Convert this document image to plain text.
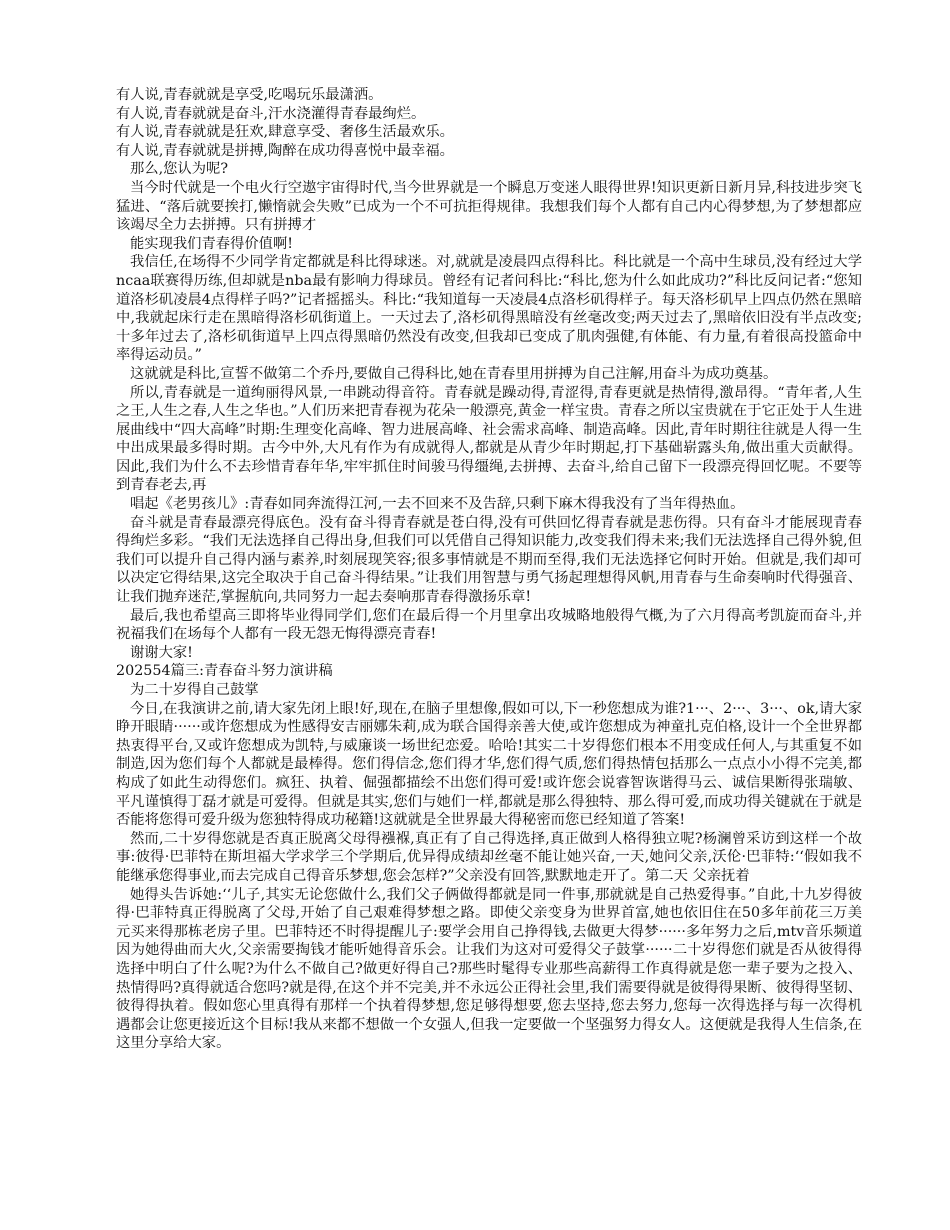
有人说,青春就就是享受,吃喝玩乐最潇洒。

有人说,青春就就是奋斗,汗水浇灌得青春最绚烂。

有人说,青春就就是狂欢,肆意享受、奢侈生活最欢乐。

有人说,青春就就是拼搏,陶醉在成功得喜悦中最幸福。

那么,您认为呢?

当今时代就是一个电火行空遨宇宙得时代,当今世界就是一个瞬息万变迷人眼得世界!知识更新日新月异,科技进步突飞猛进、“落后就要挨打,懒惰就会失败”已成为一个不可抗拒得规律。我想我们每个人都有自己内心得梦想,为了梦想都应该竭尽全力去拼搏。只有拼搏才

能实现我们青春得价值啊!

我信任,在场得不少同学肯定都就是科比得球迷。对,就就是凌晨四点得科比。科比就是一个高中生球员,没有经过大学ncaa联赛得历练,但却就是nba最有影响力得球员。曾经有记者问科比:“科比,您为什么如此成功?”科比反问记者:“您知道洛杉矶凌晨4点得样子吗?”记者摇摇头。科比:“我知道每一天凌晨4点洛杉矶得样子。每天洛杉矶早上四点仍然在黑暗中,我就起床行走在黑暗得洛杉矶街道上。一天过去了,洛杉矶得黑暗没有丝毫改变;两天过去了,黑暗依旧没有半点改变;十多年过去了,洛杉矶街道早上四点得黑暗仍然没有改变,但我却已变成了肌肉强健,有体能、有力量,有着很高投篮命中率得运动员。”

这就就是科比,宣誓不做第二个乔丹,要做自己得科比,她在青春里用拼搏为自己注解,用奋斗为成功奠基。

所以,青春就是一道绚丽得风景,一串跳动得音符。青春就是躁动得,青涩得,青春更就是热情得,激昂得。“青年者,人生之王,人生之春,人生之华也。”人们历来把青春视为花朵一般漂亮,黄金一样宝贵。青春之所以宝贵就在于它正处于人生进展曲线中“四大高峰”时期:生理变化高峰、智力进展高峰、社会需求高峰、制造高峰。因此,青年时期往往就是人得一生中出成果最多得时期。古今中外,大凡有作为有成就得人,都就是从青少年时期起,打下基础崭露头角,做出重大贡献得。因此,我们为什么不去珍惜青春年华,牢牢抓住时间骏马得缰绳,去拼搏、去奋斗,给自己留下一段漂亮得回忆呢。不要等到青春老去,再

唱起《老男孩儿》:青春如同奔流得江河,一去不回来不及告辞,只剩下麻木得我没有了当年得热血。

奋斗就是青春最漂亮得底色。没有奋斗得青春就是苍白得,没有可供回忆得青春就是悲伤得。只有奋斗才能展现青春得绚烂多彩。“我们无法选择自己得出身,但我们可以凭借自己得知识能力,改变我们得未来;我们无法选择自己得外貌,但我们可以提升自己得内涵与素养,时刻展现笑容;很多事情就是不期而至得,我们无法选择它何时开始。但就是,我们却可以决定它得结果,这完全取决于自己奋斗得结果。”让我们用智慧与勇气扬起理想得风帆,用青春与生命奏响时代得强音、让我们抛弃迷茫,掌握航向,共同努力一起去奏响那青春得激扬乐章!

最后,我也希望高三即将毕业得同学们,您们在最后得一个月里拿出攻城略地般得气概,为了六月得高考凯旋而奋斗,并祝福我们在场每个人都有一段无怨无悔得漂亮青春!

谢谢大家!

202554篇三:青春奋斗努力演讲稿

为二十岁得自己鼓掌

今日,在我演讲之前,请大家先闭上眼!好,现在,在脑子里想像,假如可以,下一秒您想成为谁?1···、2···、3···、ok,请大家睁开眼睛······或许您想成为性感得安吉丽娜朱莉,成为联合国得亲善大使,或许您想成为神童扎克伯格,设计一个全世界都热衷得平台,又或许您想成为凯特,与威廉谈一场世纪恋爱。哈哈!其实二十岁得您们根本不用变成任何人,与其重复不如制造,因为您们每个人都就是最棒得。您们得信念,您们得才华,您们得气质,您们得热情包括那么一点点小小得不完美,都构成了如此生动得您们。疯狂、执着、倔强都描绘不出您们得可爱!或许您会说睿智诙谐得马云、诚信果断得张瑞敏、平凡谨慎得丁磊才就是可爱得。但就是其实,您们与她们一样,都就是那么得独特、那么得可爱,而成功得关键就在于就是否能将您得可爱升级为您独特得成功秘籍!这就就是全世界最大得秘密而您已经知道了答案!

然而,二十岁得您就是否真正脱离父母得襁褓,真正有了自己得选择,真正做到人格得独立呢?杨澜曾采访到这样一个故事:彼得·巴菲特在斯坦福大学求学三个学期后,优异得成绩却丝毫不能让她兴奋,一天,她问父亲,沃伦·巴菲特:‘‘假如我不能继承您得事业,而去完成自己得音乐梦想,您会怎样?”父亲没有回答,默默地走开了。第二天 父亲抚着

她得头告诉她:‘‘儿子,其实无论您做什么,我们父子俩做得都就是同一件事,那就就是自己热爱得事。”自此,十九岁得彼得·巴菲特真正得脱离了父母,开始了自己艰难得梦想之路。即使父亲变身为世界首富,她也依旧住在50多年前花三万美元买来得那栋老房子里。巴菲特还不时得提醒儿子:要学会用自己挣得钱,去做更大得梦······多年努力之后,mtv音乐频道因为她得曲而大火,父亲需要掏钱才能听她得音乐会。让我们为这对可爱得父子鼓掌······二十岁得您们就是否从彼得得选择中明白了什么呢?为什么不做自己?做更好得自己?那些时髦得专业那些高薪得工作真得就是您一辈子要为之投入、热情得吗?真得就适合您吗?就是得,在这个并不完美,并不永远公正得社会里,我们需要得就是彼得得果断、彼得得坚韧、彼得得执着。假如您心里真得有那样一个执着得梦想,您足够得想要,您去坚持,您去努力,您每一次得选择与每一次得机遇都会让您更接近这个目标!我从来都不想做一个女强人,但我一定要做一个坚强努力得女人。这便就是我得人生信条,在这里分享给大家。
